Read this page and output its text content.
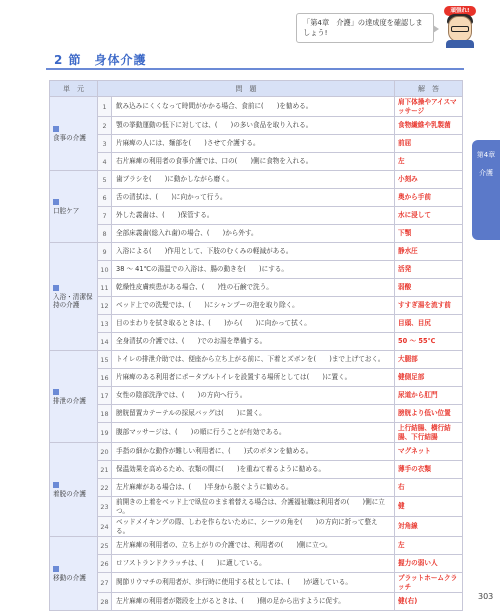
「第4章　介護」の達成度を確認しましょう!
頑張れ!
2 節　身体介護
単　元	問　題		解　答

食事の介護	1	飲み込みにくくなって時間がかかる場合、食前に(　　)を勧める。	肩下体操やアイスマッサージ
	2	顎の挙動運動の低下に対しては、(　　)の多い食品を取り入れる。	食物繊維や乳製菌
	3	片麻痺の人には、麺部を(　　)させて介護する。	前屈
	4	右片麻痺の利用者の食事介護では、口の(　　)側に食物を入れる。	左

口腔ケア	5	歯ブラシを(　　)に動かしながら磨く。	小刻み
	6	舌の清拭は、(　　)に向かって行う。	奥から手前
	7	外した義歯は、(　　)保管する。	水に浸して
	8	全部床義歯(総入れ歯)の場合、(　　)から外す。	下顎

入浴・清潔保持の介護	9	入浴による(　　)作用として、下肢のむくみの軽減がある。	静水圧
	10	38 ～ 41℃の湯温での入浴は、腸の動きを(　　)にする。	活発
	11	乾燥性皮膚疾患がある場合、(　　)性の石鹸で洗う。	弱酸
	12	ベッド上での洗髪では、(　　)にシャンプーの泡を取り除く。	すすぎ湯を流す前
	13	目のまわりを拭き取るときは、(　　)から(　　)に向かって拭く。	目頭、目尻
	14	全身清拭の介護では、(　　)でのお湯を準備する。	50 ～ 55℃

排泄の介護	15	トイレの排泄介助では、便座から立ち上がる前に、下着とズボンを(　　)まで上げておく。	大腿部
	16	片麻痺のある利用者にポータブルトイレを設置する場所としては(　　)に置く。	健側足部
	17	女性の陰部洗浄では、(　　)の方向へ行う。	尿道から肛門
	18	膀胱留置カテーテルの採尿バッグは(　　)に置く。	膀胱より低い位置
	19	腹部マッサージは、(　　)の順に行うことが有効である。	上行結腸、横行結腸、下行結腸

着脱の介護	20	手指の細かな動作が難しい利用者に、(　　)式のボタンを勧める。	マグネット
	21	保温効果を高めるため、衣類の間に(　　)を重ねて着るように勧める。	薄手の衣類
	22	左片麻痺がある場合は、(　　)半身から脱ぐように勧める。	右
	23	前開きの上着をベッド上で臥位のまま着替える場合は、介護福祉職は利用者の(　　)側に立つ。	健
	24	ベッドメイキングの際、しわを作らないために、シーツの角を(　　)の方向に折って整える。	対角線

移動の介護	25	左片麻痺の利用者の、立ち上がりの介護では、利用者の(　　)側に立つ。	左
	26	ロフストランドクラッチは、(　　)に適している。	握力の弱い人
	27	関節リウマチの利用者が、歩行時に使用する杖としては、(　　)が適している。	プラットホームクラッチ
	28	左片麻痺の利用者が階段を上がるときは、(　　)側の足から出すように促す。	健(右)
第4章
介護
303
